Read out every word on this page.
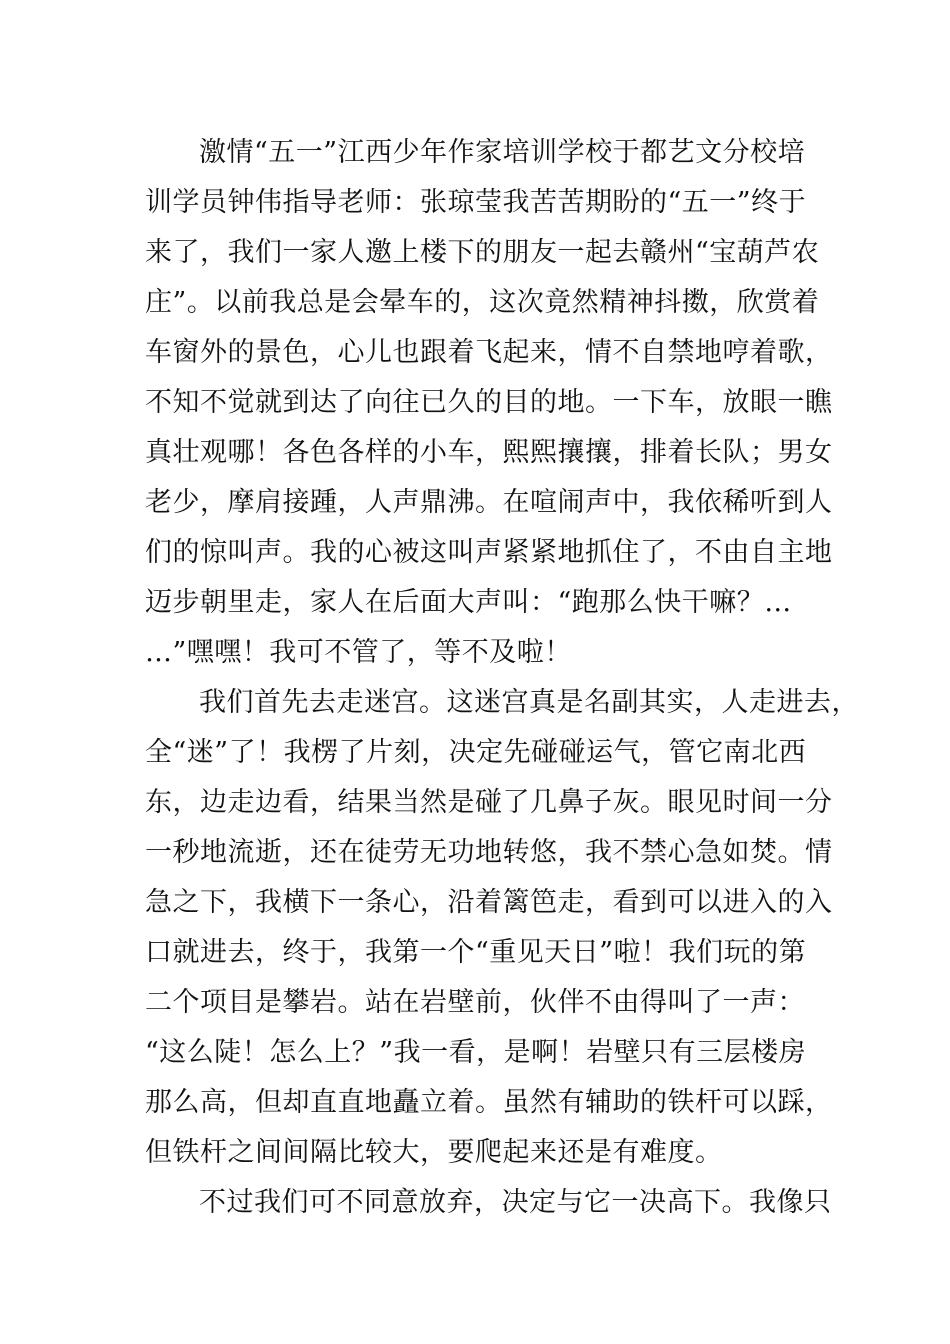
激情“五一”江西少年作家培训学校于都艺文分校培
训学员钟伟指导老师：张琼莹我苦苦期盼的“五一”终于
来了，我们一家人邀上楼下的朋友一起去赣州“宝葫芦农
庄”。以前我总是会晕车的，这次竟然精神抖擞，欣赏着
车窗外的景色，心儿也跟着飞起来，情不自禁地哼着歌，
不知不觉就到达了向往已久的目的地。一下车，放眼一瞧
真壮观哪！各色各样的小车，熙熙攘攘，排着长队；男女
老少，摩肩接踵，人声鼎沸。在喧闹声中，我依稀听到人
们的惊叫声。我的心被这叫声紧紧地抓住了，不由自主地
迈步朝里走，家人在后面大声叫：“跑那么快干嘛？…
…”嘿嘿！我可不管了，等不及啦！
我们首先去走迷宫。这迷宫真是名副其实，人走进去，
全“迷”了！我楞了片刻，决定先碰碰运气，管它南北西
东，边走边看，结果当然是碰了几鼻子灰。眼见时间一分
一秒地流逝，还在徒劳无功地转悠，我不禁心急如焚。情
急之下，我横下一条心，沿着篱笆走，看到可以进入的入
口就进去，终于，我第一个“重见天日”啦！我们玩的第
二个项目是攀岩。站在岩壁前，伙伴不由得叫了一声：
“这么陡！怎么上？”我一看，是啊！岩壁只有三层楼房
那么高，但却直直地矗立着。虽然有辅助的铁杆可以踩，
但铁杆之间间隔比较大，要爬起来还是有难度。
不过我们可不同意放弃，决定与它一决高下。我像只
